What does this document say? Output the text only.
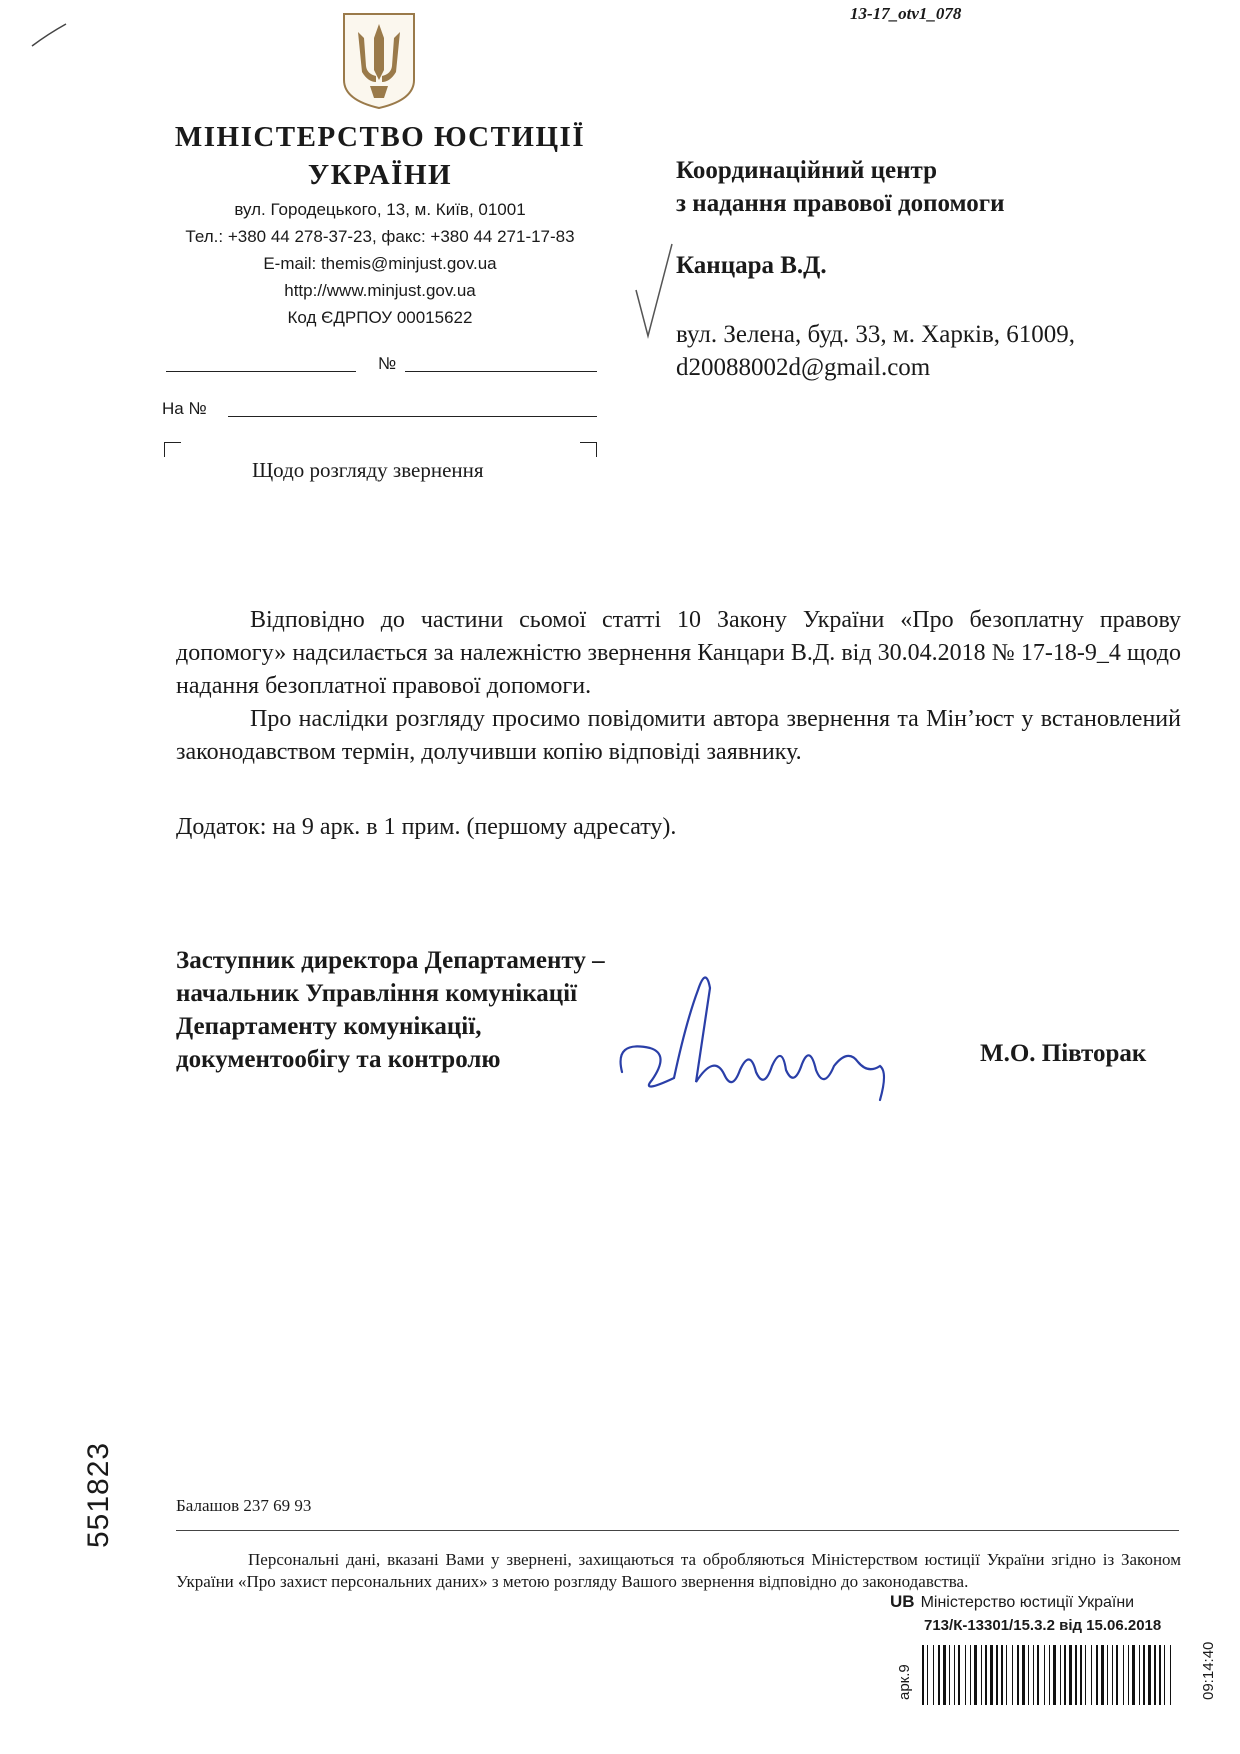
13-17_otv1_078
МІНІСТЕРСТВО ЮСТИЦІЇ
УКРАЇНИ
вул. Городецького, 13, м. Київ, 01001
Тел.: +380 44 278-37-23, факс: +380 44 271-17-83
E-mail: themis@minjust.gov.ua
http://www.minjust.gov.ua
Код ЄДРПОУ 00015622
№
На №
Щодо розгляду звернення
Координаційний центр
з надання правової допомоги
Канцара В.Д.
вул. Зелена, буд. 33, м. Харків, 61009,
d20088002d@gmail.com

Відповідно до частини сьомої статті 10 Закону України «Про безоплатну правову допомогу» надсилається за належністю звернення Канцари В.Д. від 30.04.2018 № 17-18-9_4 щодо надання безоплатної правової допомоги.

Про наслідки розгляду просимо повідомити автора звернення та Мін’юст у встановлений законодавством термін, долучивши копію відповіді заявнику.

Додаток: на 9 арк. в 1 прим. (першому адресату).
Заступник директора Департаменту –
начальник Управління комунікації
Департаменту комунікації,
документообігу та контролю	М.О. Півторак
551823	Балашов 237 69 93
Персональні дані, вказані Вами у звернені, захищаються та обробляються Міністерством юстиції України згідно із Законом України «Про захист персональних даних» з метою розгляду Вашого звернення відповідно до законодавства.
UB Міністерство юстиції України
713/К-13301/15.3.2 від 15.06.2018
арк.9	09:14:40
